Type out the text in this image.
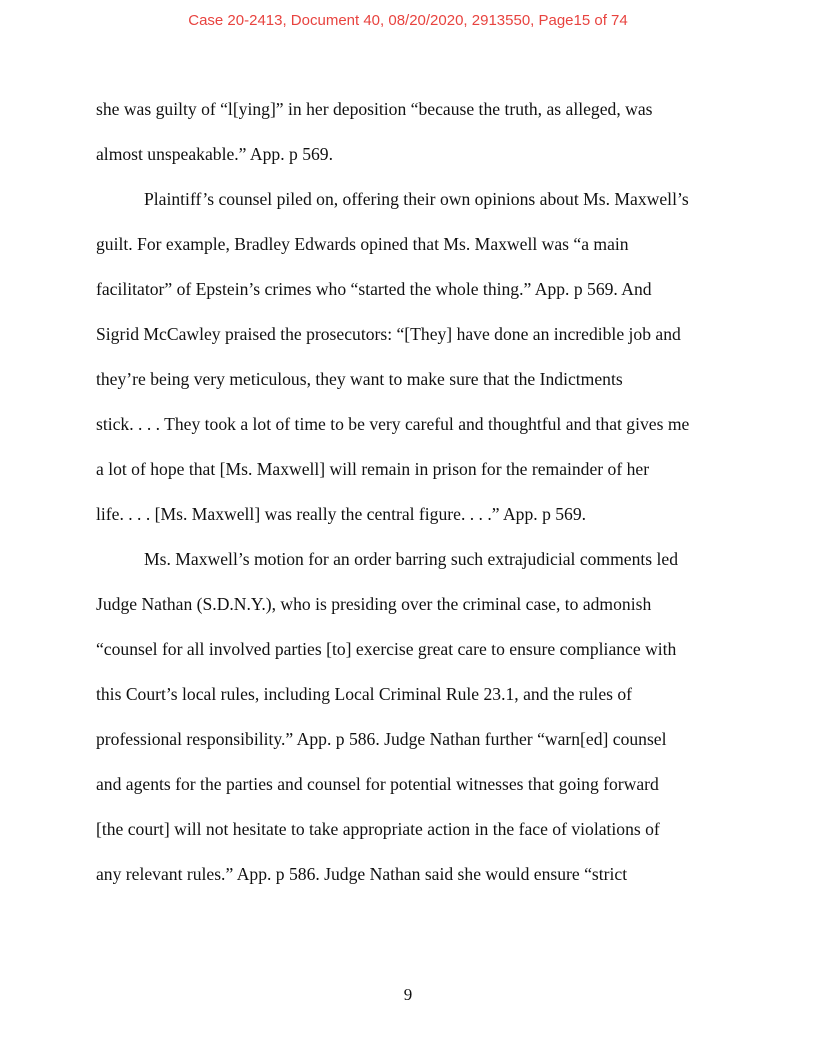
Case 20-2413, Document 40, 08/20/2020, 2913550, Page15 of 74
she was guilty of “l[ying]” in her deposition “because the truth, as alleged, was
almost unspeakable.” App. p 569.
Plaintiff’s counsel piled on, offering their own opinions about Ms. Maxwell’s
guilt. For example, Bradley Edwards opined that Ms. Maxwell was “a main
facilitator” of Epstein’s crimes who “started the whole thing.” App. p 569. And
Sigrid McCawley praised the prosecutors: “[They] have done an incredible job and
they’re being very meticulous, they want to make sure that the Indictments
stick. . . . They took a lot of time to be very careful and thoughtful and that gives me
a lot of hope that [Ms. Maxwell] will remain in prison for the remainder of her
life. . . . [Ms. Maxwell] was really the central figure. . . .” App. p 569.
Ms. Maxwell’s motion for an order barring such extrajudicial comments led
Judge Nathan (S.D.N.Y.), who is presiding over the criminal case, to admonish
“counsel for all involved parties [to] exercise great care to ensure compliance with
this Court’s local rules, including Local Criminal Rule 23.1, and the rules of
professional responsibility.” App. p 586. Judge Nathan further “warn[ed] counsel
and agents for the parties and counsel for potential witnesses that going forward
[the court] will not hesitate to take appropriate action in the face of violations of
any relevant rules.” App. p 586. Judge Nathan said she would ensure “strict
9
